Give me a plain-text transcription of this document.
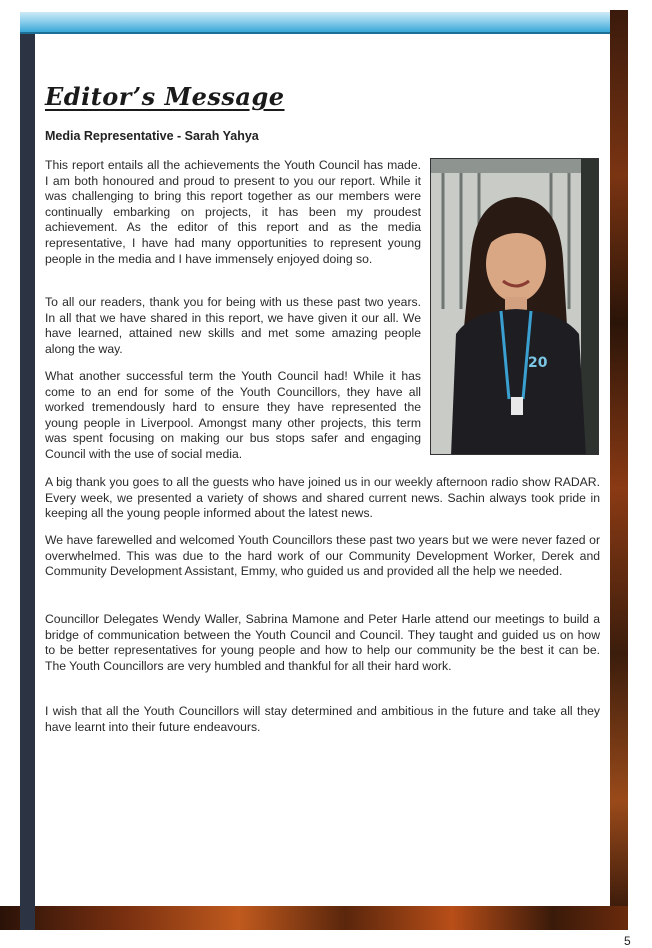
Editor’s Message

Media Representative - Sarah Yahya

This report entails all the achievements the Youth Council has made. I am both honoured and proud to present to you our report. While it was challenging to bring this report together as our members were continually embarking on projects, it has been my proudest achievement. As the editor of this report and as the media representative, I have had many opportunities to represent young people in the media and I have immensely enjoyed doing so.

To all our readers, thank you for being with us these past two years. In all that we have shared in this report, we have given it our all. We have learned, attained new skills and met some amazing people along the way.

What another successful term the Youth Council had! While it has come to an end for some of the Youth Councillors, they have all worked tremendously hard to ensure they have represented the young people in Liverpool. Amongst many other projects, this term was spent focusing on making our bus stops safer and engaging Council with the use of social media.

A big thank you goes to all the guests who have joined us in our weekly afternoon radio show RADAR. Every week, we presented a variety of shows and shared current news. Sachin always took pride in keeping all the young people informed about the latest news.

We have farewelled and welcomed Youth Councillors these past two years but we were never fazed or overwhelmed. This was due to the hard work of our Community Development Worker, Derek and Community Development Assistant, Emmy, who guided us and provided all the help we needed.

Councillor Delegates Wendy Waller, Sabrina Mamone and Peter Harle attend our meetings to build a bridge of communication between the Youth Council and Council. They taught and guided us on how to be better representatives for young people and how to help our community be the best it can be. The Youth Councillors are very humbled and thankful for all their hard work.

I wish that all the Youth Councillors will stay determined and ambitious in the future and take all they have learnt into their future endeavours.

20
5
